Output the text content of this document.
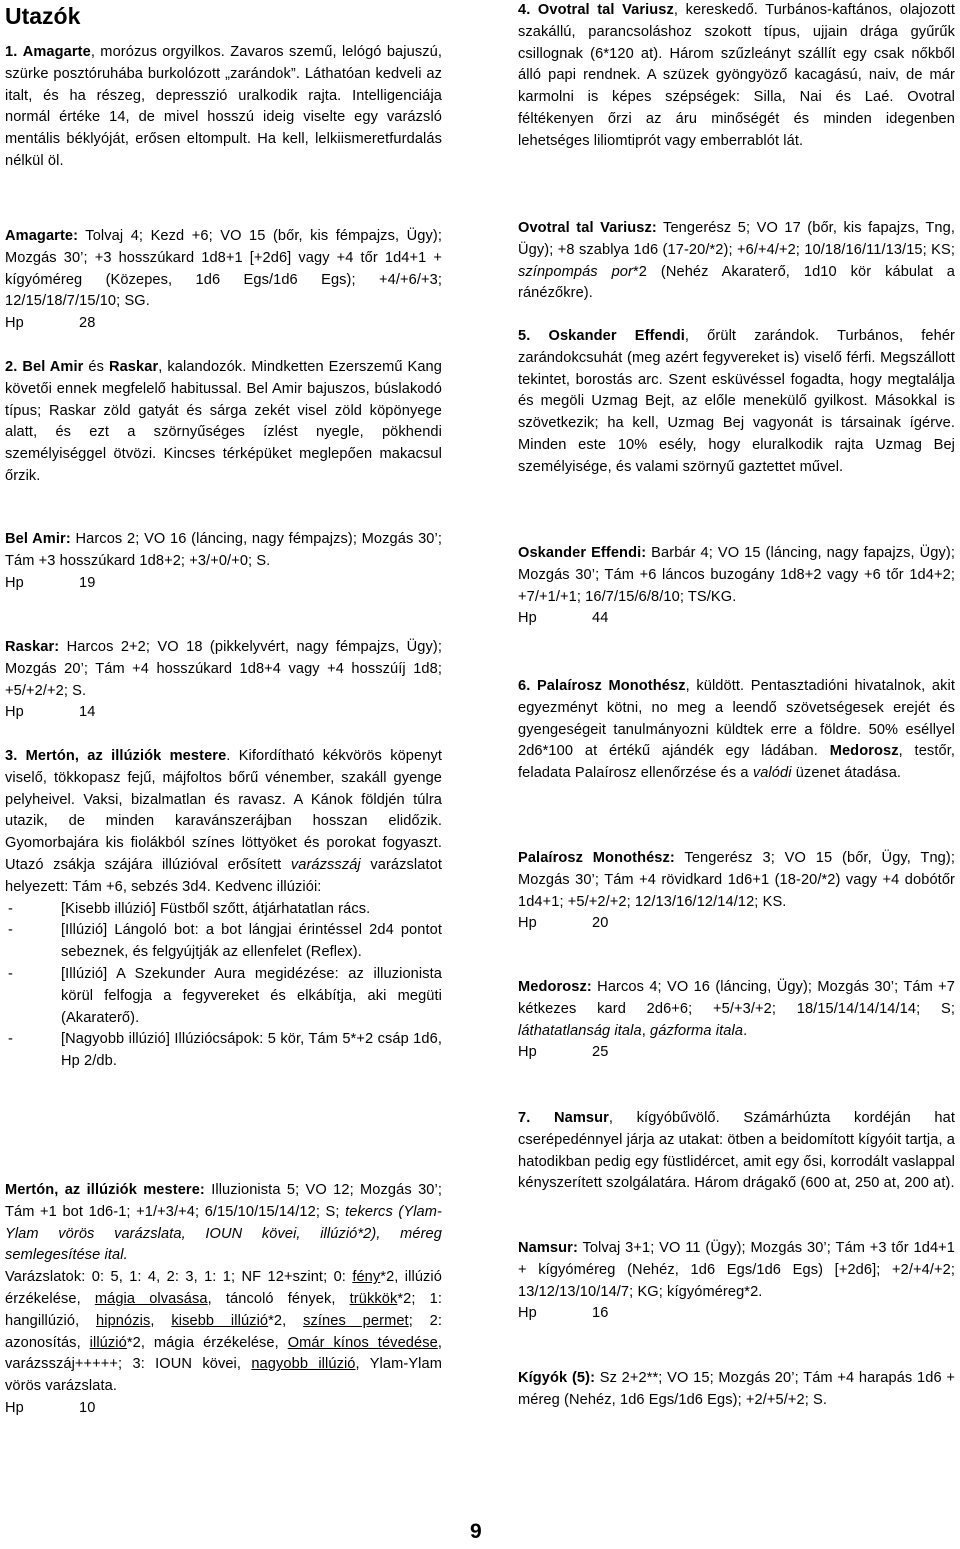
Utazók

1. Amagarte, morózus orgyilkos. Zavaros szemű, lelógó bajuszú, szürke posztóruhába burkolózott „zarándok”. Láthatóan kedveli az italt, és ha részeg, depresszió uralkodik rajta. Intelligenciája normál értéke 14, de mivel hosszú ideig viselte egy varázsló mentális béklyóját, erősen eltompult. Ha kell, lelkiismeretfurdalás nélkül öl.

Amagarte: Tolvaj 4; Kezd +6; VO 15 (bőr, kis fémpajzs, Ügy); Mozgás 30’; +3 hosszúkard 1d8+1 [+2d6] vagy +4 tőr 1d4+1 + kígyóméreg (Közepes, 1d6 Egs/1d6 Egs); +4/+6/+3; 12/15/18/7/15/10; SG.
Hp	28

2. Bel Amir és Raskar, kalandozók. Mindketten Ezerszemű Kang követői ennek megfelelő habitussal. Bel Amir bajuszos, búslakodó típus; Raskar zöld gatyát és sárga zekét visel zöld köpönyege alatt, és ezt a szörnyűséges ízlést nyegle, pökhendi személyiséggel ötvözi. Kincses térképüket meglepően makacsul őrzik.

Bel Amir: Harcos 2; VO 16 (láncing, nagy fémpajzs); Mozgás 30’; Tám +3 hosszúkard 1d8+2; +3/+0/+0; S.
Hp	19

Raskar: Harcos 2+2; VO 18 (pikkelyvért, nagy fémpajzs, Ügy); Mozgás 20’; Tám +4 hosszúkard 1d8+4 vagy +4 hosszúíj 1d8; +5/+2/+2; S.
Hp	14

3. Mertón, az illúziók mestere. Kifordítható kékvörös köpenyt viselő, tökkopasz fejű, májfoltos bőrű vénember, szakáll gyenge pelyheivel. Vaksi, bizalmatlan és ravasz. A Kánok földjén túlra utazik, de minden karavánszerájban hosszan elidőzik. Gyomorbajára kis fiolákból színes löttyöket és porokat fogyaszt. Utazó zsákja szájára illúzióval erősített varázsszáj varázslatot helyezett: Tám +6, sebzés 3d4. Kedvenc illúziói:

- [Kisebb illúzió] Füstből szőtt, átjárhatatlan rács.
- [Illúzió] Lángoló bot: a bot lángjai érintéssel 2d4 pontot sebeznek, és felgyújtják az ellenfelet (Reflex).
- [Illúzió] A Szekunder Aura megidézése: az illuzionista körül felfogja a fegyvereket és elkábítja, aki megüti (Akaraterő).
- [Nagyobb illúzió] Illúziócsápok: 5 kör, Tám 5*+2 csáp 1d6, Hp 2/db.

Mertón, az illúziók mestere: Illuzionista 5; VO 12; Mozgás 30’; Tám +1 bot 1d6-1; +1/+3/+4; 6/15/10/15/14/12; S; tekercs (Ylam-Ylam vörös varázslata, IOUN kövei, illúzió*2), méreg semlegesítése ital.
Varázslatok: 0: 5, 1: 4, 2: 3, 1: 1; NF 12+szint; 0: fény*2, illúzió érzékelése, mágia olvasása, táncoló fények, trükkök*2; 1: hangillúzió, hipnózis, kisebb illúzió*2, színes permet; 2: azonosítás, illúzió*2, mágia érzékelése, Omár kínos tévedése, varázsszáj+++++; 3: IOUN kövei, nagyobb illúzió, Ylam-Ylam vörös varázslata.
Hp	10

4. Ovotral tal Variusz, kereskedő. Turbános-kaftános, olajozott szakállú, parancsoláshoz szokott típus, ujjain drága gyűrűk csillognak (6*120 at). Három szűzleányt szállít egy csak nőkből álló papi rendnek. A szüzek gyöngyöző kacagású, naiv, de már karmolni is képes szépségek: Silla, Nai és Laé. Ovotral féltékenyen őrzi az áru minőségét és minden idegenben lehetséges liliomtiprót vagy emberrablót lát.

Ovotral tal Variusz: Tengerész 5; VO 17 (bőr, kis fapajzs, Tng, Ügy); +8 szablya 1d6 (17-20/*2); +6/+4/+2; 10/18/16/11/13/15; KS; színpompás por*2 (Nehéz Akaraterő, 1d10 kör kábulat a ránézőkre).

5. Oskander Effendi, őrült zarándok. Turbános, fehér zarándokcsuhát (meg azért fegyvereket is) viselő férfi. Megszállott tekintet, borostás arc. Szent esküvéssel fogadta, hogy megtalálja és megöli Uzmag Bejt, az előle menekülő gyilkost. Másokkal is szövetkezik; ha kell, Uzmag Bej vagyonát is társainak ígérve. Minden este 10% esély, hogy eluralkodik rajta Uzmag Bej személyisége, és valami szörnyű gaztettet művel.

Oskander Effendi: Barbár 4; VO 15 (láncing, nagy fapajzs, Ügy); Mozgás 30’; Tám +6 láncos buzogány 1d8+2 vagy +6 tőr 1d4+2; +7/+1/+1; 16/7/15/6/8/10; TS/KG.
Hp	44

6. Palaírosz Monothész, küldött. Pentasztadióni hivatalnok, akit egyezményt kötni, no meg a leendő szövetségesek erejét és gyengeségeit tanulmányozni küldtek erre a földre. 50% eséllyel 2d6*100 at értékű ajándék egy ládában. Medorosz, testőr, feladata Palaírosz ellenőrzése és a valódi üzenet átadása.

Palaírosz Monothész: Tengerész 3; VO 15 (bőr, Ügy, Tng); Mozgás 30’; Tám +4 rövidkard 1d6+1 (18-20/*2) vagy +4 dobótőr 1d4+1; +5/+2/+2; 12/13/16/12/14/12; KS.
Hp	20

Medorosz: Harcos 4; VO 16 (láncing, Ügy); Mozgás 30’; Tám +7 kétkezes kard 2d6+6; +5/+3/+2; 18/15/14/14/14/14; S; láthatatlanság itala, gázforma itala.
Hp	25

7. Namsur, kígyóbűvölő. Számárhúzta kordéján hat cserépedénnyel járja az utakat: ötben a beidomított kígyóit tartja, a hatodikban pedig egy füstlidércet, amit egy ősi, korrodált vaslappal kényszerített szolgálatára. Három drágakő (600 at, 250 at, 200 at).

Namsur: Tolvaj 3+1; VO 11 (Ügy); Mozgás 30’; Tám +3 tőr 1d4+1 + kígyóméreg (Nehéz, 1d6 Egs/1d6 Egs) [+2d6]; +2/+4/+2; 13/12/13/10/14/7; KG; kígyóméreg*2.
Hp	16

Kígyók (5): Sz 2+2**; VO 15; Mozgás 20’; Tám +4 harapás 1d6 + méreg (Nehéz, 1d6 Egs/1d6 Egs); +2/+5/+2; S.

9
